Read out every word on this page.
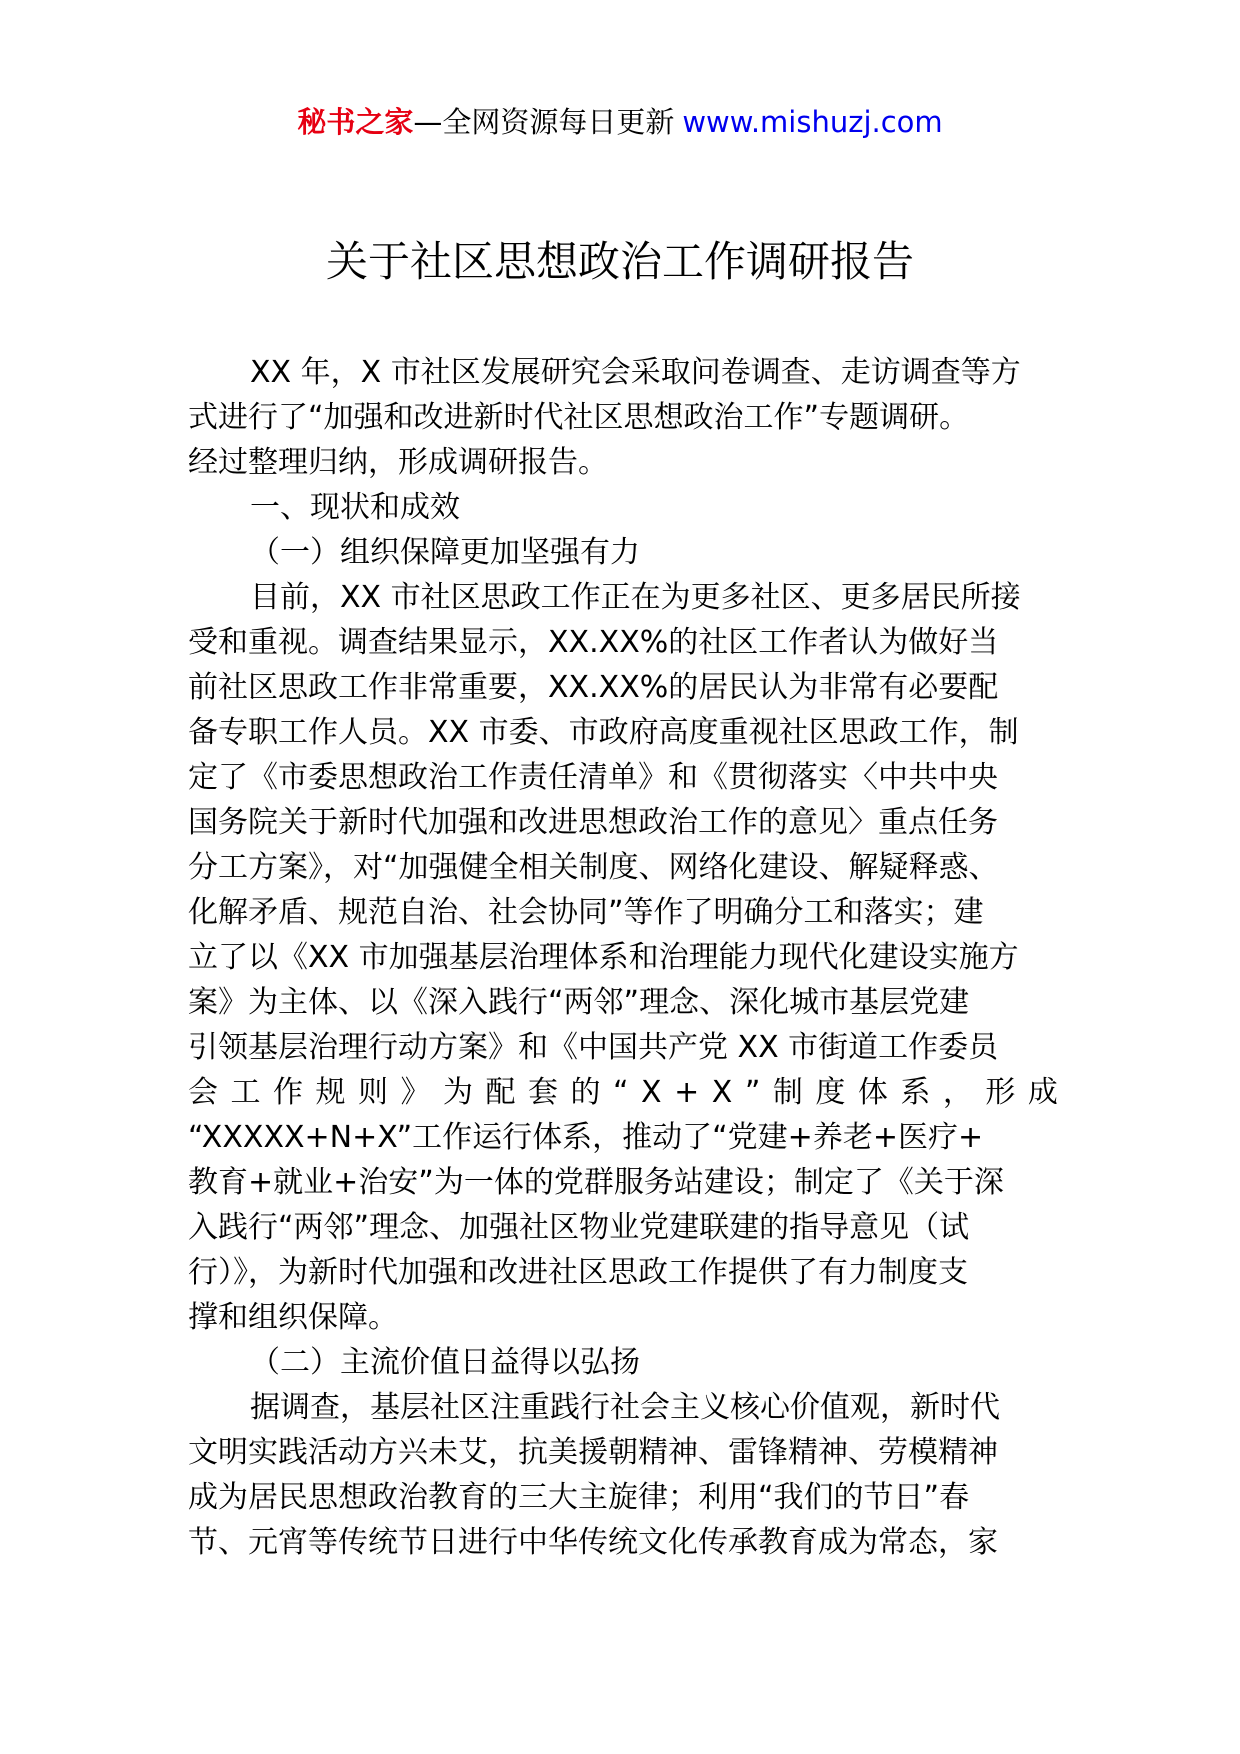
秘书之家—全网资源每日更新 www.mishuzj.com
关于社区思想政治工作调研报告
XX 年，X 市社区发展研究会采取问卷调查、走访调查等方
式进行了“加强和改进新时代社区思想政治工作”专题调研。
经过整理归纳，形成调研报告。
一、现状和成效
（一）组织保障更加坚强有力
目前，XX 市社区思政工作正在为更多社区、更多居民所接
受和重视。调查结果显示，XX.XX%的社区工作者认为做好当
前社区思政工作非常重要，XX.XX%的居民认为非常有必要配
备专职工作人员。XX 市委、市政府高度重视社区思政工作，制
定了《市委思想政治工作责任清单》和《贯彻落实〈中共中央
国务院关于新时代加强和改进思想政治工作的意见〉重点任务
分工方案》，对“加强健全相关制度、网络化建设、解疑释惑、
化解矛盾、规范自治、社会协同”等作了明确分工和落实；建
立了以《XX 市加强基层治理体系和治理能力现代化建设实施方
案》为主体、以《深入践行“两邻”理念、深化城市基层党建
引领基层治理行动方案》和《中国共产党 XX 市街道工作委员
会 工 作 规 则 》 为 配 套 的 “ X + X ” 制 度 体 系 ， 形 成
“XXXXX+N+X”工作运行体系，推动了“党建+养老+医疗+
教育+就业+治安”为一体的党群服务站建设；制定了《关于深
入践行“两邻”理念、加强社区物业党建联建的指导意见（试
行）》，为新时代加强和改进社区思政工作提供了有力制度支
撑和组织保障。
（二）主流价值日益得以弘扬
据调查，基层社区注重践行社会主义核心价值观，新时代
文明实践活动方兴未艾，抗美援朝精神、雷锋精神、劳模精神
成为居民思想政治教育的三大主旋律；利用“我们的节日”春
节、元宵等传统节日进行中华传统文化传承教育成为常态，家
